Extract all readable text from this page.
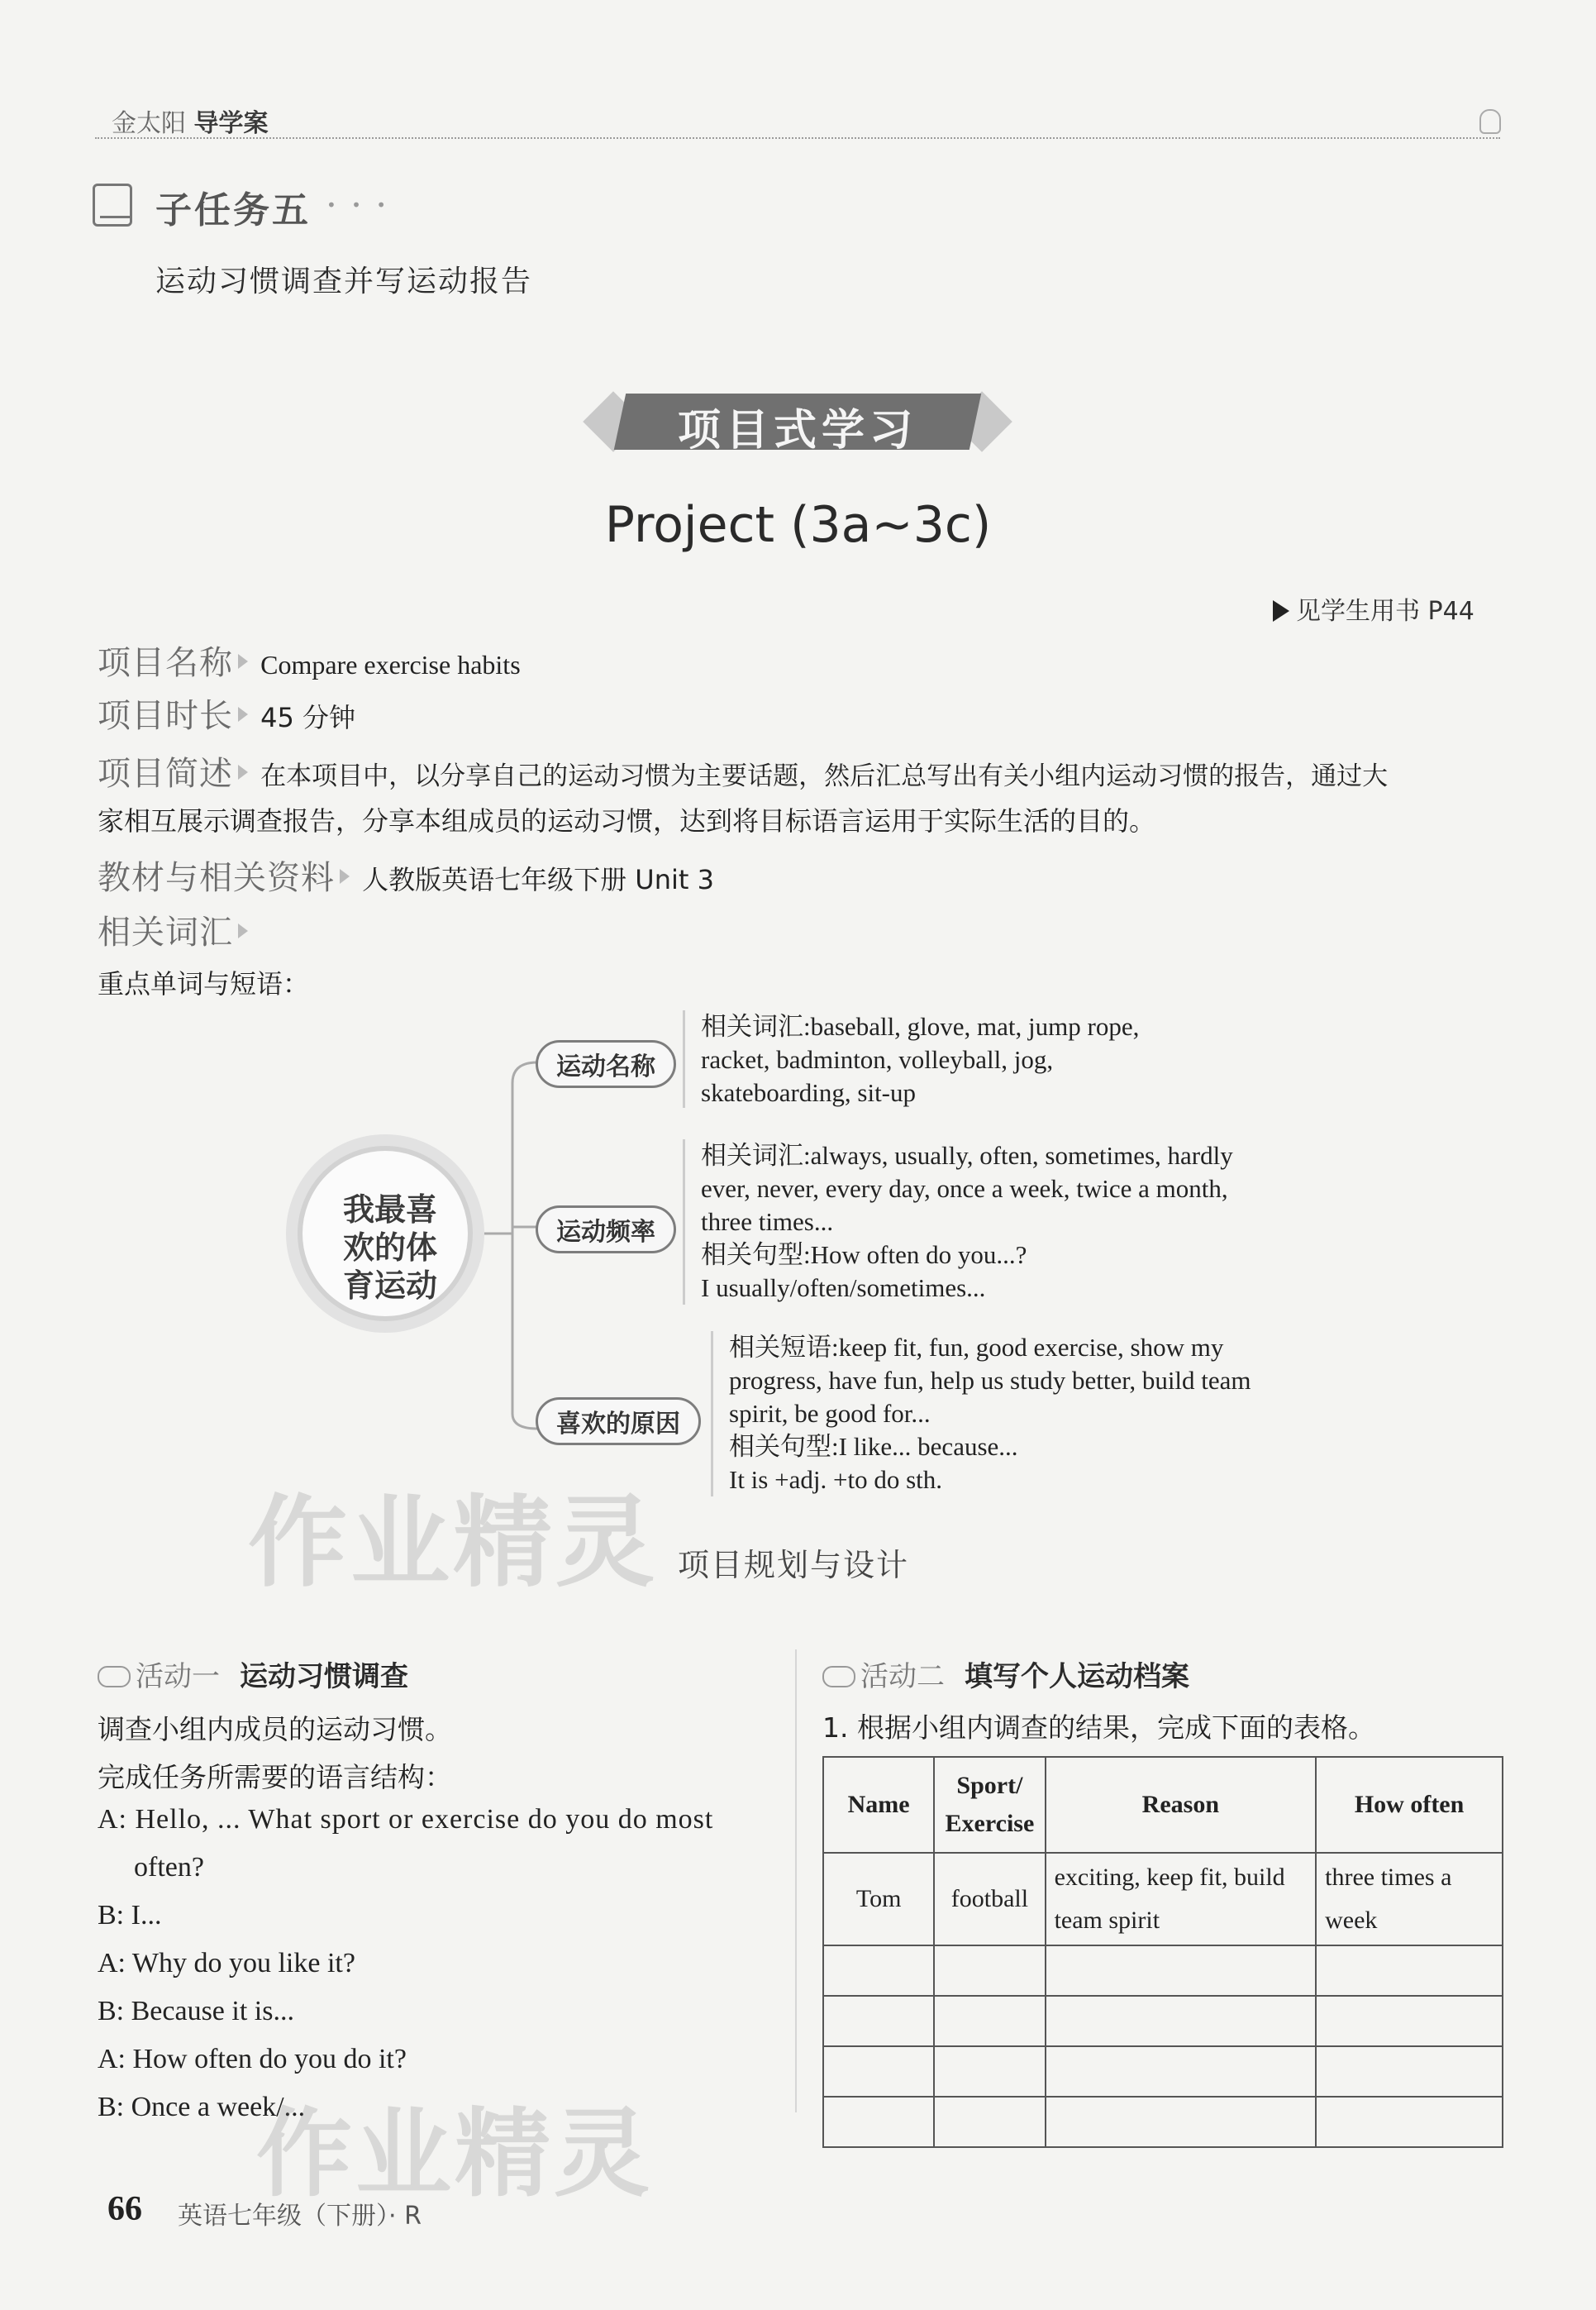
金太阳 导学案
子任务五 • • •
运动习惯调查并写运动报告
项目式学习
Project (3a~3c)
见学生用书 P44
项目名称 Compare exercise habits
项目时长 45 分钟
项目简述 在本项目中，以分享自己的运动习惯为主要话题，然后汇总写出有关小组内运动习惯的报告，通过大
家相互展示调查报告，分享本组成员的运动习惯，达到将目标语言运用于实际生活的目的。
教材与相关资料 人教版英语七年级下册 Unit 3
相关词汇
重点单词与短语：
我最喜
欢的体
育运动
运动名称
相关词汇:baseball, glove, mat, jump rope,
racket, badminton, volleyball, jog,
skateboarding, sit-up
运动频率
相关词汇:always, usually, often, sometimes, hardly
ever, never, every day, once a week, twice a month,
three times...
相关句型:How often do you...?
I usually/often/sometimes...
喜欢的原因
相关短语:keep fit, fun, good exercise, show my
progress, have fun, help us study better, build team
spirit, be good for...
相关句型:I like... because...
It is +adj. +to do sth.
作业精灵 项目规划与设计
活动一 运动习惯调查
调查小组内成员的运动习惯。
完成任务所需要的语言结构：
A: Hello, ... What sport or exercise do you do most
often?
B: I...
A: Why do you like it?
B: Because it is...
A: How often do you do it?
B: Once a week/...
作业精灵
活动二 填写个人运动档案
1. 根据小组内调查的结果，完成下面的表格。
Name	Sport/ Exercise	Reason	How often
Tom	football	exciting, keep fit, build team spirit	three times a week

66 英语七年级（下册）· R
